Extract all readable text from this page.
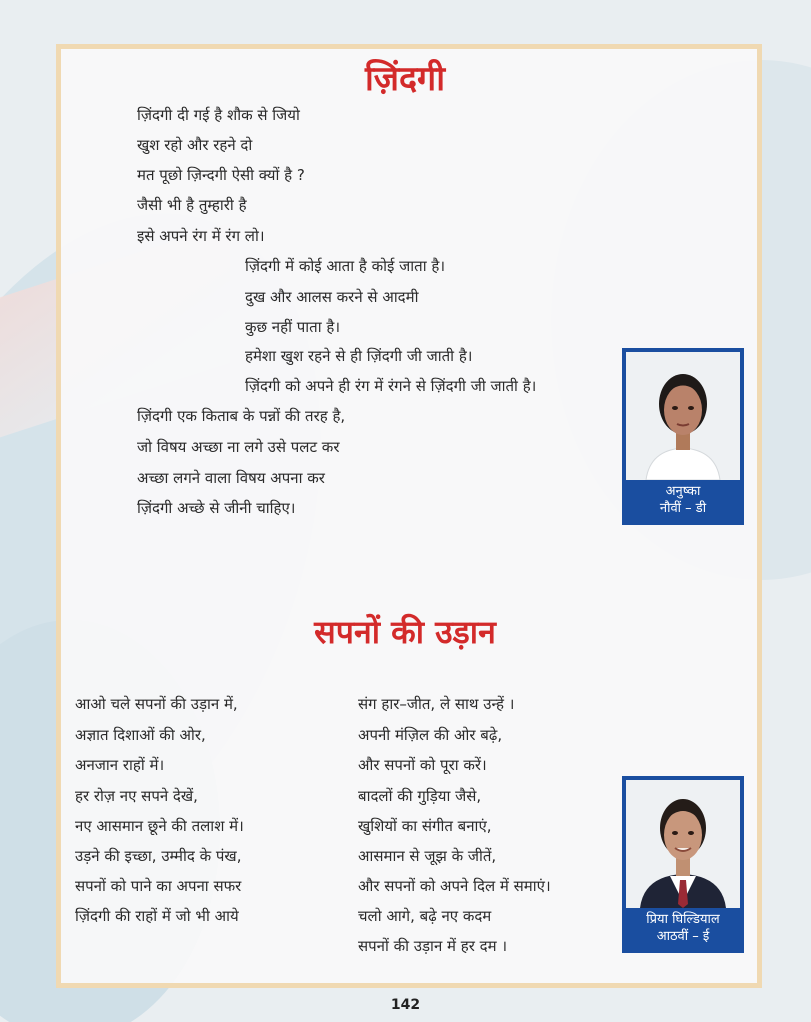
ज़िंदगी

ज़िंदगी दी गई है शौक से जियो

खुश रहो और रहने दो

मत पूछो ज़िन्दगी ऐसी क्यों है ?

जैसी भी है तुम्हारी है

इसे अपने रंग में रंग लो।

ज़िंदगी में कोई आता है कोई जाता है।

दुख और आलस करने से आदमी

कुछ नहीं पाता है।

हमेशा खुश रहने से ही ज़िंदगी जी जाती है।

ज़िंदगी को अपने ही रंग में रंगने से ज़िंदगी जी जाती है।

ज़िंदगी एक किताब के पन्नों की तरह है,

जो विषय अच्छा ना लगे उसे पलट कर

अच्छा लगने वाला विषय अपना कर

ज़िंदगी अच्छे से जीनी चाहिए।

अनुष्का
नौवीं – डी
सपनों की उड़ान

आओ चले सपनों की उड़ान में,

अज्ञात दिशाओं की ओर,

अनजान राहों में।

हर रोज़ नए सपने देखें,

नए आसमान छूने की तलाश में।

उड़ने की इच्छा, उम्मीद के पंख,

सपनों को पाने का अपना सफर

ज़िंदगी की राहों में जो भी आये

संग हार–जीत, ले साथ उन्हें ।

अपनी मंज़िल की ओर बढ़े,

और सपनों को पूरा करें।

बादलों की गुड़िया जैसे,

खुशियों का संगीत बनाएं,

आसमान से जूझ के जीतें,

और सपनों को अपने दिल में समाएं।

चलो आगे, बढ़े नए कदम

सपनों की उड़ान में हर दम ।

प्रिया घिल्डियाल
आठवीं – ई
142
